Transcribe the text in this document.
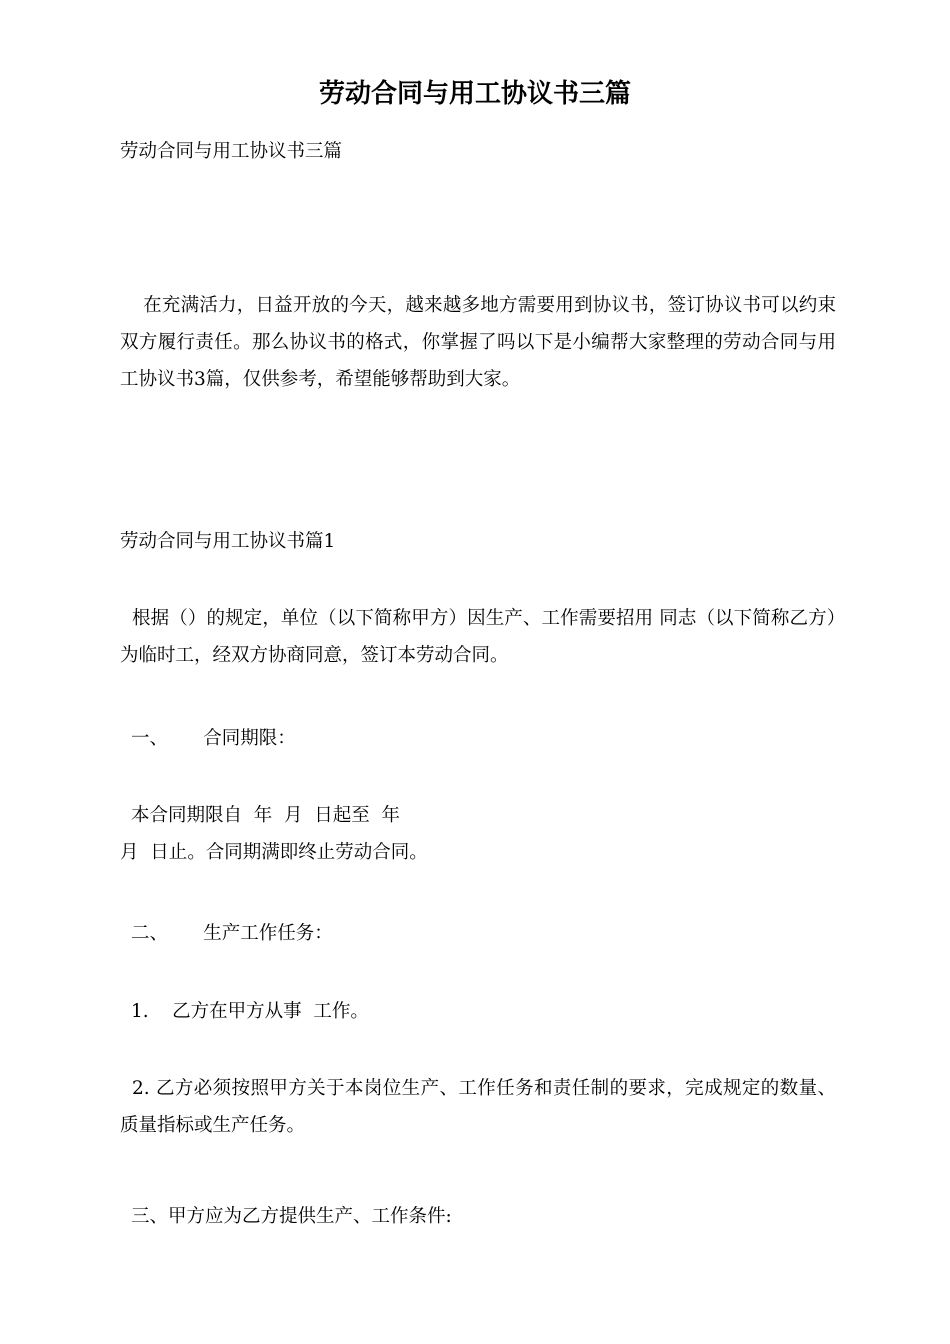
劳动合同与用工协议书三篇
劳动合同与用工协议书三篇
在充满活力，日益开放的今天，越来越多地方需要用到协议书，签订协议书可以约束双方履行责任。那么协议书的格式，你掌握了吗以下是小编帮大家整理的劳动合同与用工协议书3篇，仅供参考，希望能够帮助到大家。
劳动合同与用工协议书篇1
根据（）的规定，单位（以下简称甲方）因生产、工作需要招用 同志（以下简称乙方）为临时工，经双方协商同意，签订本劳动合同。
一、      合同期限：
本合同期限自  年  月  日起至  年
月  日止。合同期满即终止劳动合同。
二、      生产工作任务：
1.    乙方在甲方从事  工作。
2. 乙方必须按照甲方关于本岗位生产、工作任务和责任制的要求，完成规定的数量、质量指标或生产任务。
三、甲方应为乙方提供生产、工作条件:
